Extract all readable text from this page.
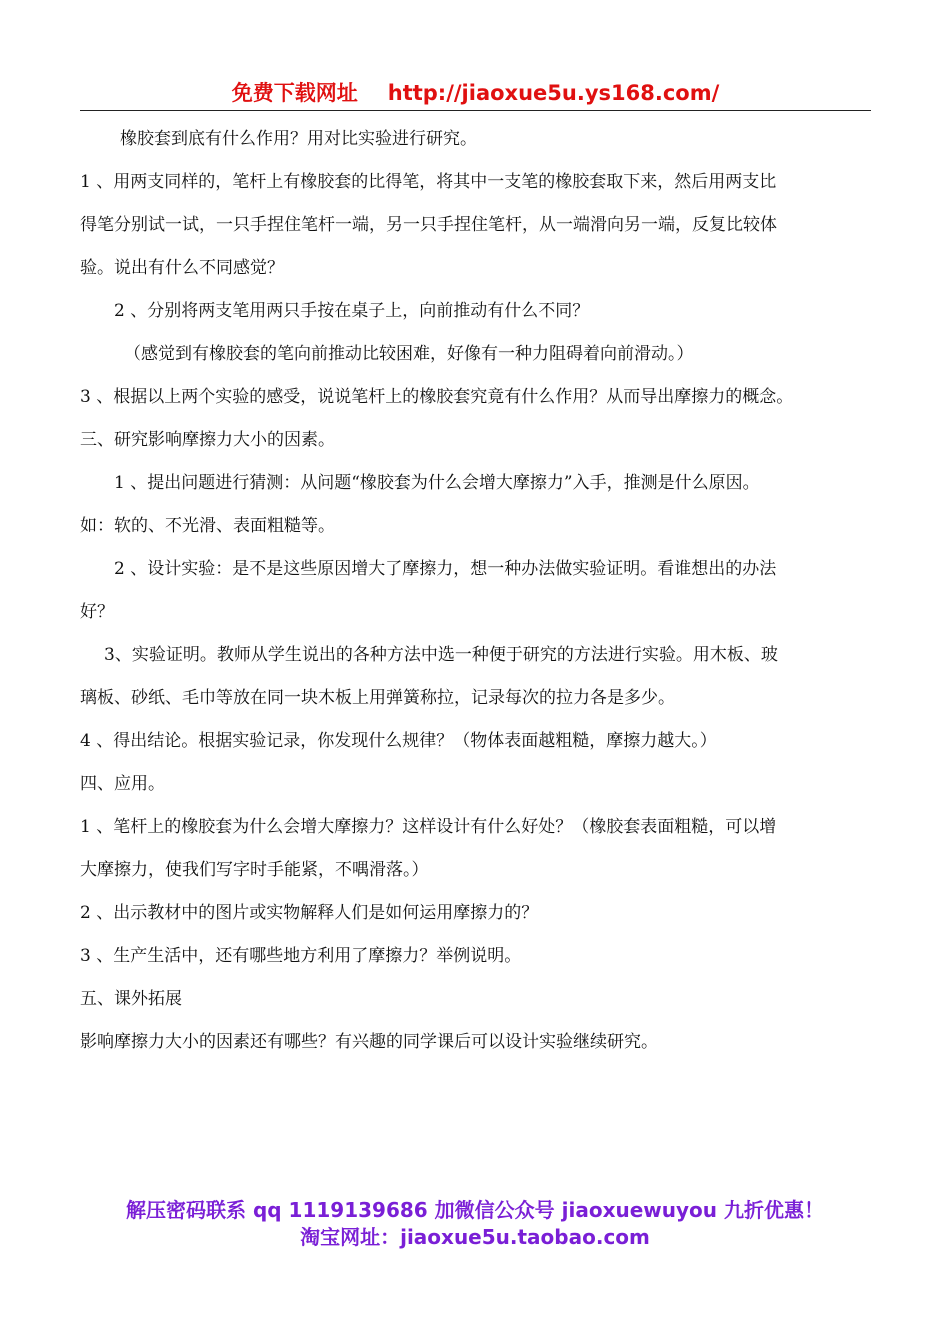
免费下载网址 http://jiaoxue5u.ys168.com/
橡胶套到底有什么作用？用对比实验进行研究。
1 、用两支同样的，笔杆上有橡胶套的比得笔，将其中一支笔的橡胶套取下来，然后用两支比
得笔分别试一试，一只手捏住笔杆一端，另一只手捏住笔杆，从一端滑向另一端，反复比较体
验。说出有什么不同感觉？
2 、分别将两支笔用两只手按在桌子上，向前推动有什么不同？
（感觉到有橡胶套的笔向前推动比较困难，好像有一种力阻碍着向前滑动。）
3 、根据以上两个实验的感受，说说笔杆上的橡胶套究竟有什么作用？从而导出摩擦力的概念。
三、研究影响摩擦力大小的因素。
1 、提出问题进行猜测：从问题“橡胶套为什么会增大摩擦力”入手，推测是什么原因。
如：软的、不光滑、表面粗糙等。
2 、设计实验：是不是这些原因增大了摩擦力，想一种办法做实验证明。看谁想出的办法
好？
3、实验证明。教师从学生说出的各种方法中选一种便于研究的方法进行实验。用木板、玻
璃板、砂纸、毛巾等放在同一块木板上用弹簧称拉，记录每次的拉力各是多少。
4 、得出结论。根据实验记录，你发现什么规律？（物体表面越粗糙，摩擦力越大。）
四、应用。
1 、笔杆上的橡胶套为什么会增大摩擦力？这样设计有什么好处？（橡胶套表面粗糙，可以增
大摩擦力，使我们写字时手能紧，不喁滑落。）
2 、出示教材中的图片或实物解释人们是如何运用摩擦力的？
3 、生产生活中，还有哪些地方利用了摩擦力？举例说明。
五、课外拓展
影响摩擦力大小的因素还有哪些？有兴趣的同学课后可以设计实验继续研究。
解压密码联系 qq 1119139686 加微信公众号 jiaoxuewuyou 九折优惠！
淘宝网址：jiaoxue5u.taobao.com
